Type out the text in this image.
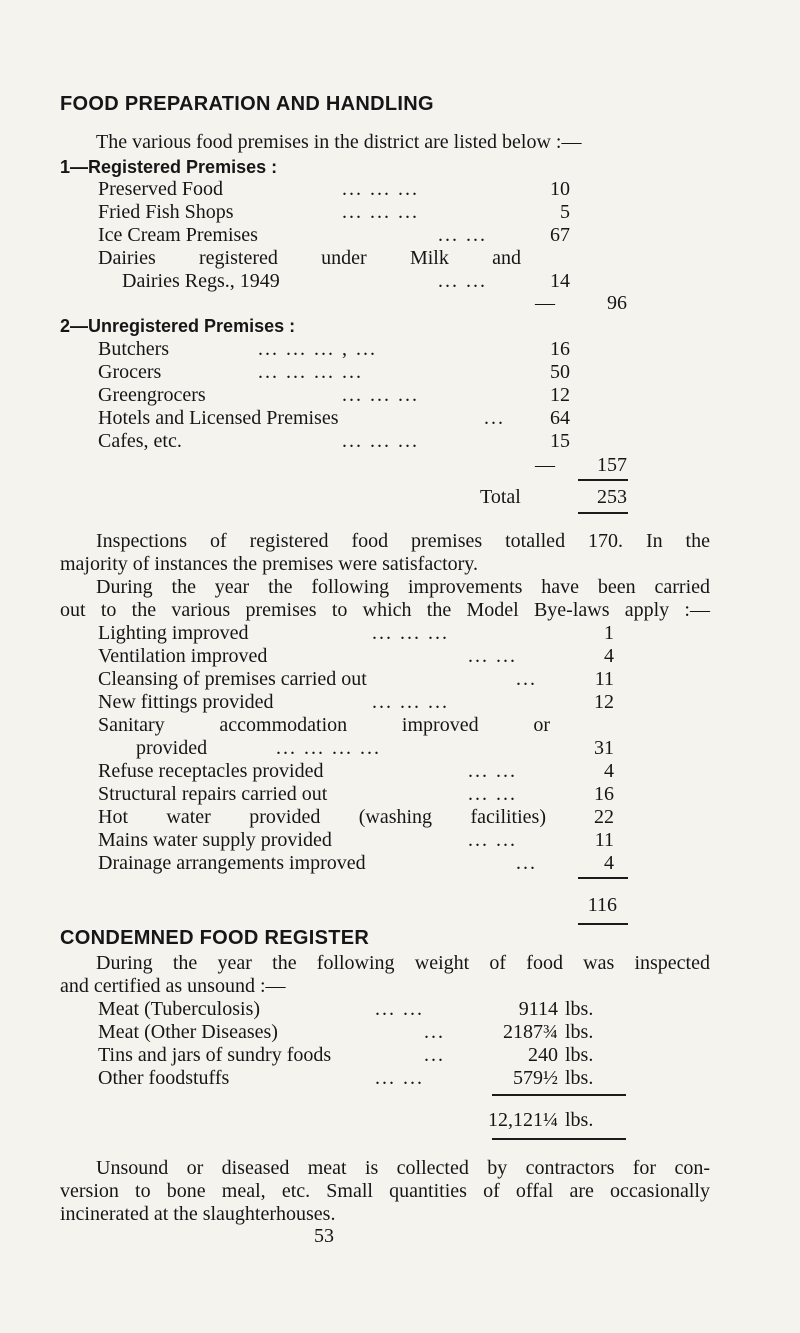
FOOD PREPARATION AND HANDLING
The various food premises in the district are listed below :—
1—Registered Premises :
Preserved Food	... ... ...	10
Fried Fish Shops	... ... ...	5
Ice Cream Premises	... ...	67
Dairies registered under Milk and
Dairies Regs., 1949	... ...	14
—	96
2—Unregistered Premises :
Butchers	... ... ... , ...	16
Grocers	... ... ... ...	50
Greengrocers	... ... ...	12
Hotels and Licensed Premises	...	64
Cafes, etc.	... ... ...	15
—	157
Total	253
Inspections of registered food premises totalled 170. In the
majority of instances the premises were satisfactory.
During the year the following improvements have been carried
out to the various premises to which the Model Bye-laws apply :—
Lighting improved	... ... ...	1
Ventilation improved	... ...	4
Cleansing of premises carried out	...	11
New fittings provided	... ... ...	12
Sanitary accommodation improved or
provided	... ... ... ...	31
Refuse receptacles provided	... ...	4
Structural repairs carried out	... ...	16
Hot water provided (washing facilities)	22
Mains water supply provided	... ...	11
Drainage arrangements improved	...	4
116
CONDEMNED FOOD REGISTER
During the year the following weight of food was inspected
and certified as unsound :—
Meat (Tuberculosis)	... ...	9114 lbs.
Meat (Other Diseases)	...	2187¾ lbs.
Tins and jars of sundry foods	...	240 lbs.
Other foodstuffs	... ...	579½ lbs.
12,121¼ lbs.
Unsound or diseased meat is collected by contractors for con-
version to bone meal, etc. Small quantities of offal are occasionally
incinerated at the slaughterhouses.
53
